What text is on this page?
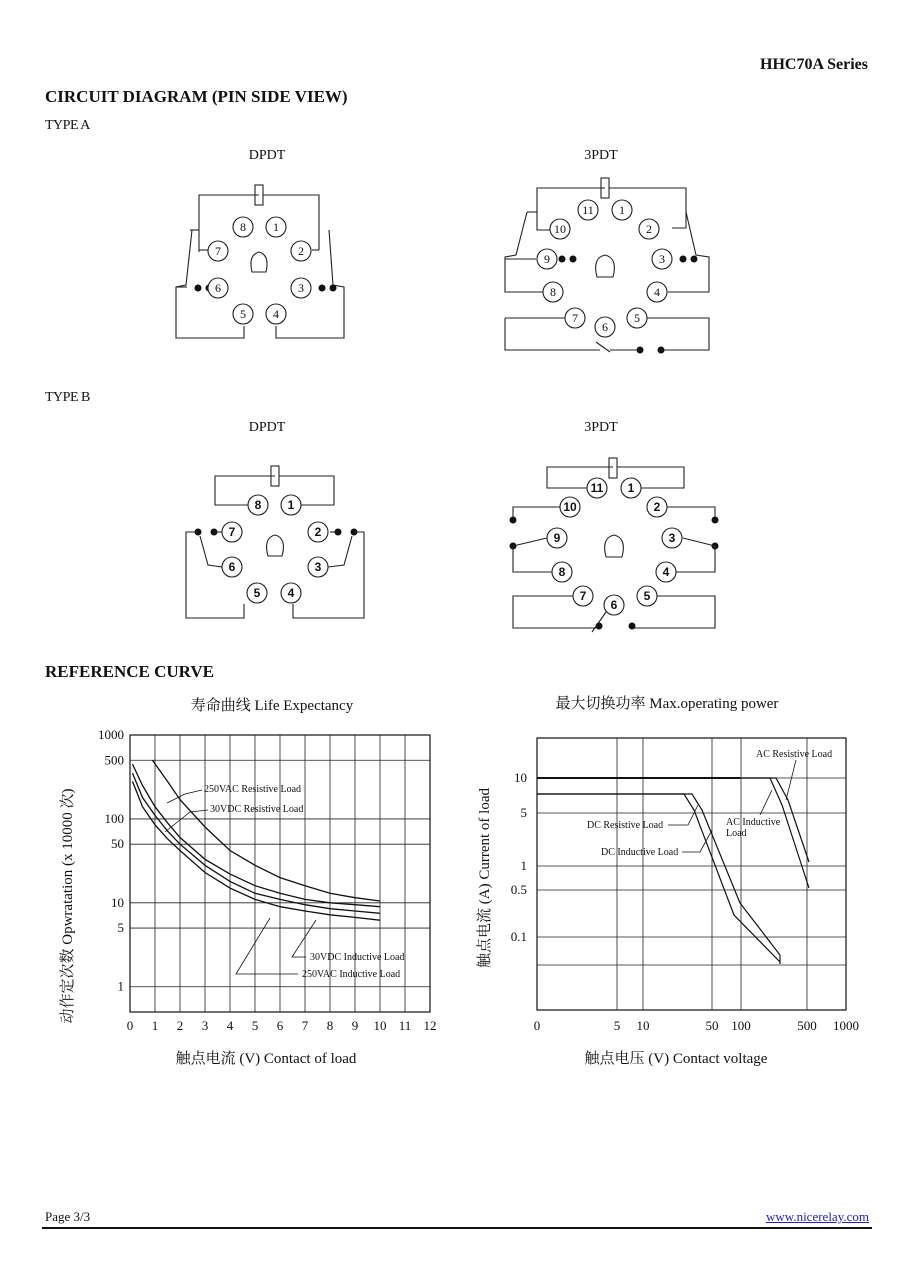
HHC70A Series
CIRCUIT DIAGRAM (PIN SIDE VIEW)
TYPE A
DPDT	3PDT
TYPE B
DPDT	3PDT
8 1
7	2
6	3
5 4
11 1
10	2
9	3
8	4
7
6
5
8 1
7	2
6	3
5 4
11 1
10	2
9	3
8	4
7
6
5
REFERENCE CURVE
寿命曲线 Life Expectancy
触点电流 (V) Contact of load
动作定次数 Opwratation (x 10000 次)
0 1 2 3 4 5 6 7 8 9 10 11 12
1
5
10
50
100
500
1000
250VAC Resistive Load
30VDC Resistive Load
30VDC Inductive Load
250VAC Inductive Load
最大切换功率 Max.operating power
触点电压 (V) Contact voltage
触点电流 (A) Current of load
0	5 10	50 100	500 1000
0.1
0.5
1
5
10
AC Resistive Load
AC Inductive
Load
DC Resistive Load
DC Inductive Load
Page 3/3	www.nicerelay.com
